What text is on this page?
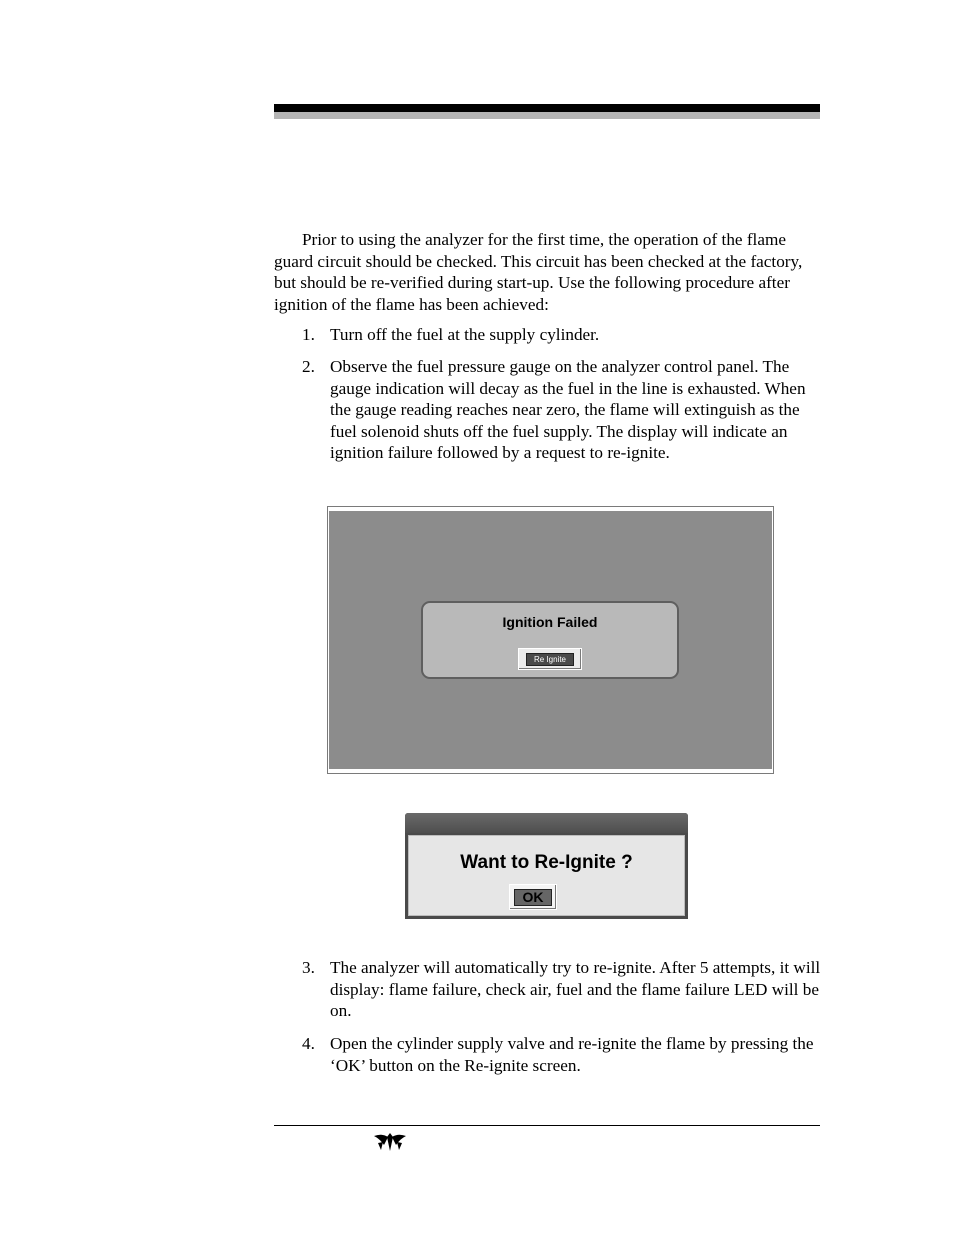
Prior to using the analyzer for the first time, the operation of the flame guard circuit should be checked. This circuit has been checked at the factory, but should be re-verified during start-up. Use the following procedure after ignition of the flame has been achieved:

1. Turn off the fuel at the supply cylinder.
2. Observe the fuel pressure gauge on the analyzer control panel. The gauge indication will decay as the fuel in the line is exhausted. When the gauge reading reaches near zero, the flame will extinguish as the fuel solenoid shuts off the fuel supply. The display will indicate an ignition failure followed by a request to re-ignite.
Ignition Failed
Re Ignite
Want to Re-Ignite ?
OK
3. The analyzer will automatically try to re-ignite. After 5 attempts, it will display: flame failure, check air, fuel and the flame failure LED will be on.
4. Open the cylinder supply valve and re-ignite the flame by pressing the ‘OK’ button on the Re-ignite screen.
